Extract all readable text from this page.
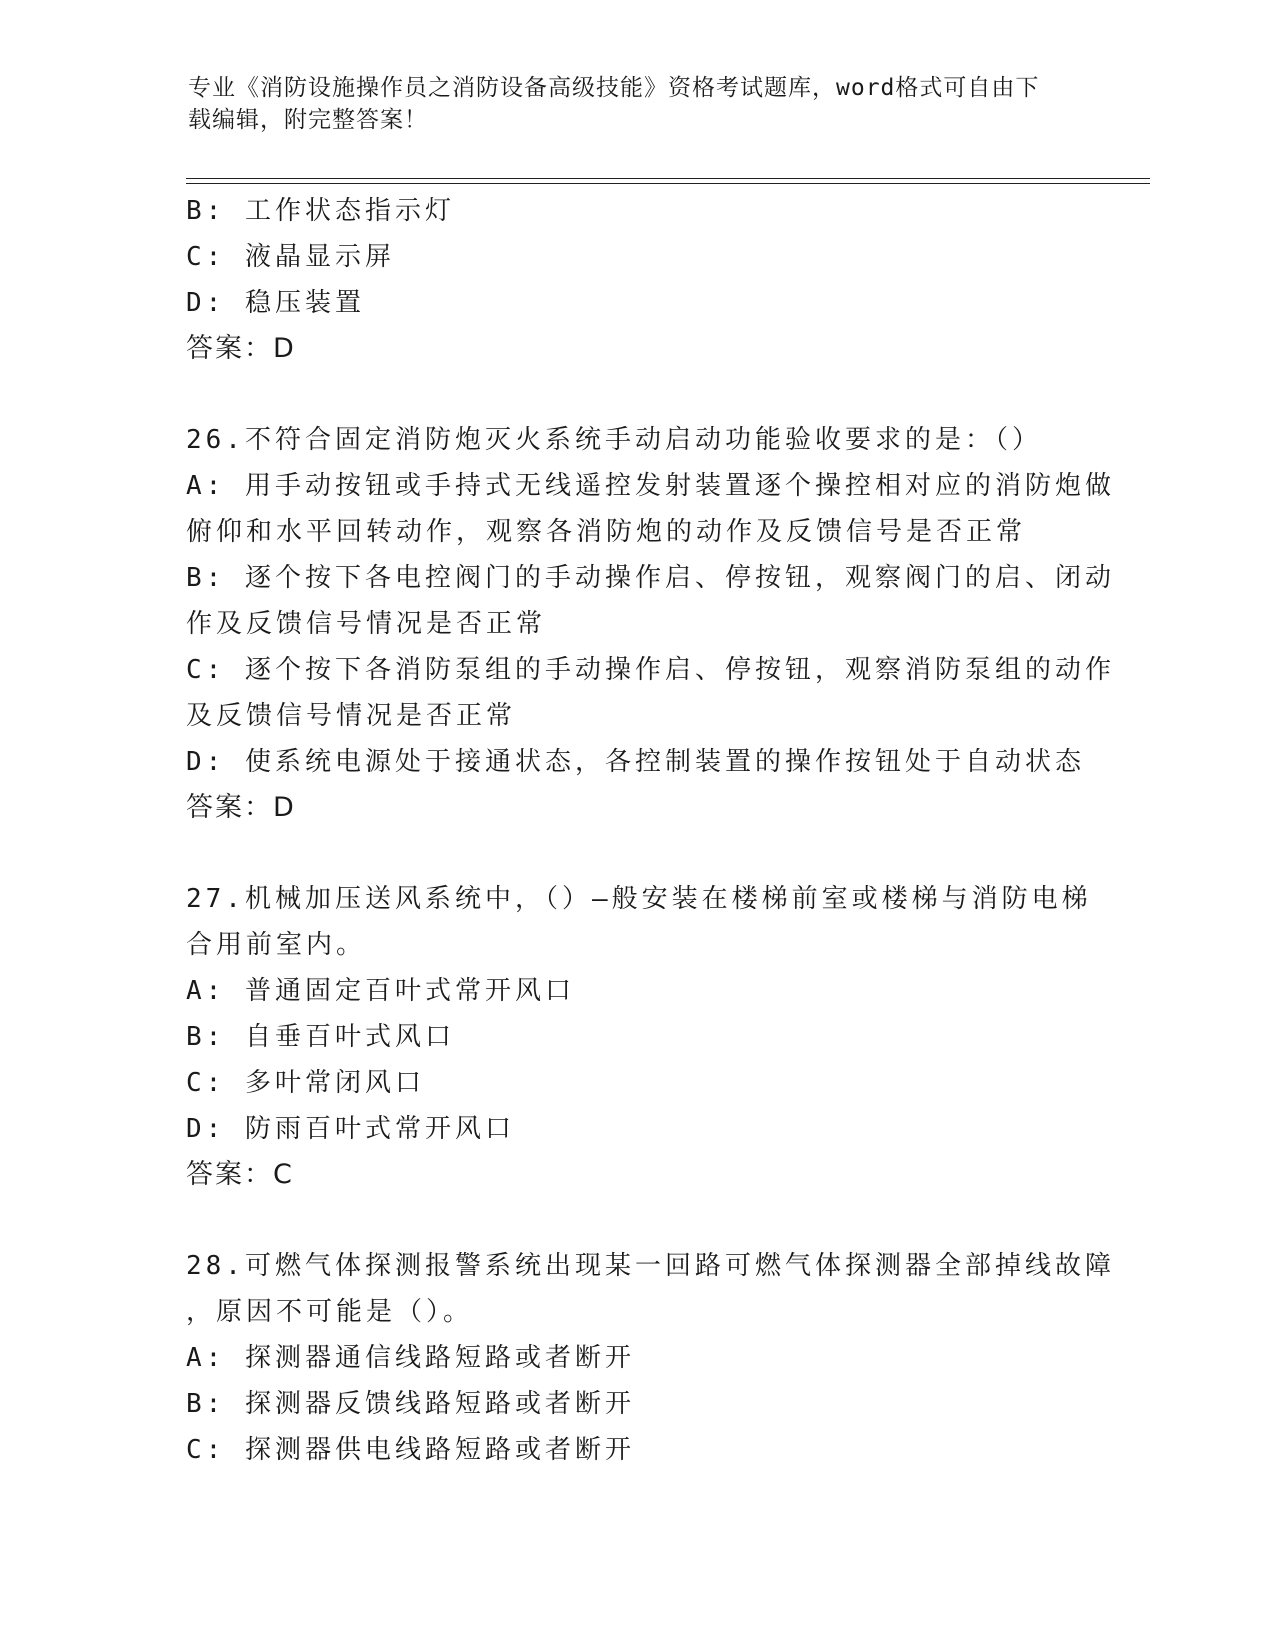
专业《消防设施操作员之消防设备高级技能》资格考试题库，word格式可自由下
载编辑，附完整答案！
B: 工作状态指示灯
C: 液晶显示屏
D: 稳压装置
答案：D
26.不符合固定消防炮灭火系统手动启动功能验收要求的是：（）
A: 用手动按钮或手持式无线遥控发射装置逐个操控相对应的消防炮做
俯仰和水平回转动作，观察各消防炮的动作及反馈信号是否正常
B: 逐个按下各电控阀门的手动操作启、停按钮，观察阀门的启、闭动
作及反馈信号情况是否正常
C: 逐个按下各消防泵组的手动操作启、停按钮，观察消防泵组的动作
及反馈信号情况是否正常
D: 使系统电源处于接通状态，各控制装置的操作按钮处于自动状态
答案：D
27.机械加压送风系统中，（）—般安装在楼梯前室或楼梯与消防电梯
合用前室内。
A: 普通固定百叶式常开风口
B: 自垂百叶式风口
C: 多叶常闭风口
D: 防雨百叶式常开风口
答案：C
28.可燃气体探测报警系统出现某一回路可燃气体探测器全部掉线故障
，原因不可能是（）。
A: 探测器通信线路短路或者断开
B: 探测器反馈线路短路或者断开
C: 探测器供电线路短路或者断开
